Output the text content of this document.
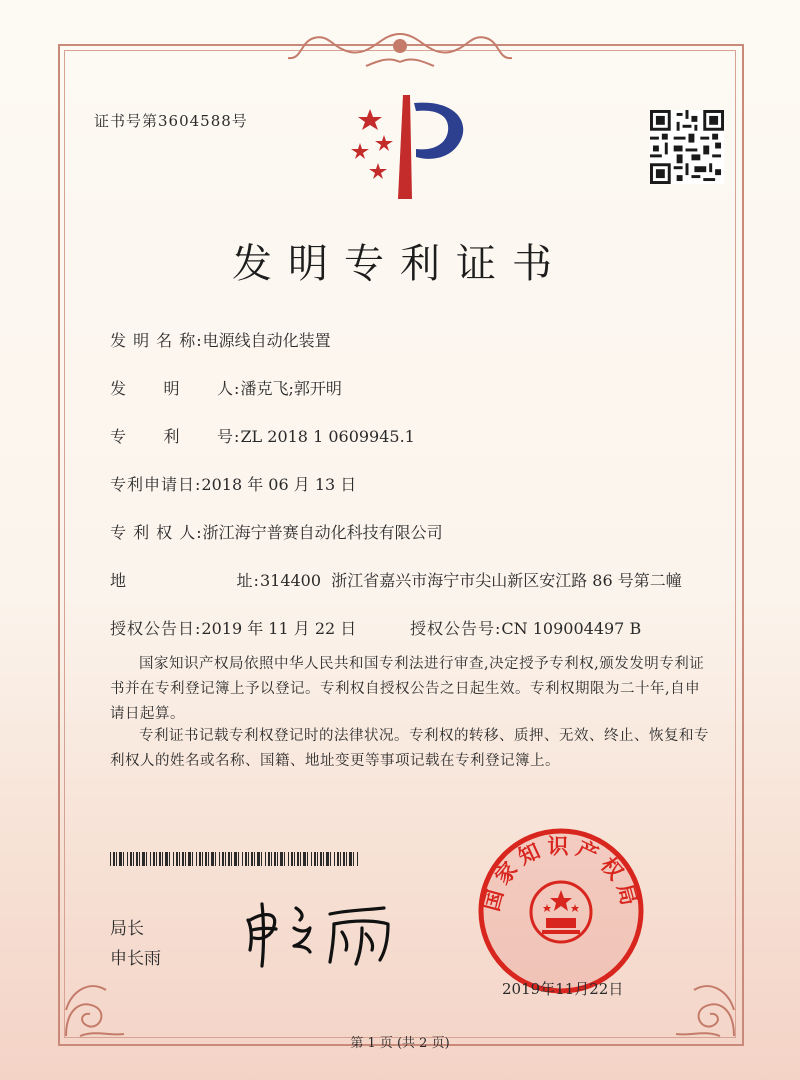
证书号第3604588号
发明专利证书
发 明 名 称:电源线自动化装置
发      明      人:潘克飞;郭开明
专      利      号:ZL 2018 1 0609945.1
专利申请日:2018 年 06 月 13 日
专 利 权 人:浙江海宁普赛自动化科技有限公司
地                  址:314400  浙江省嘉兴市海宁市尖山新区安江路 86 号第二幢
授权公告日:2019 年 11 月 22 日	授权公告号:CN 109004497 B
国家知识产权局依照中华人民共和国专利法进行审查,决定授予专利权,颁发发明专利证书并在专利登记簿上予以登记。专利权自授权公告之日起生效。专利权期限为二十年,自申请日起算。
专利证书记载专利权登记时的法律状况。专利权的转移、质押、无效、终止、恢复和专利权人的姓名或名称、国籍、地址变更等事项记载在专利登记簿上。
局长
申长雨
国家知识产权局
2019年11月22日
第 1 页 (共 2 页)
